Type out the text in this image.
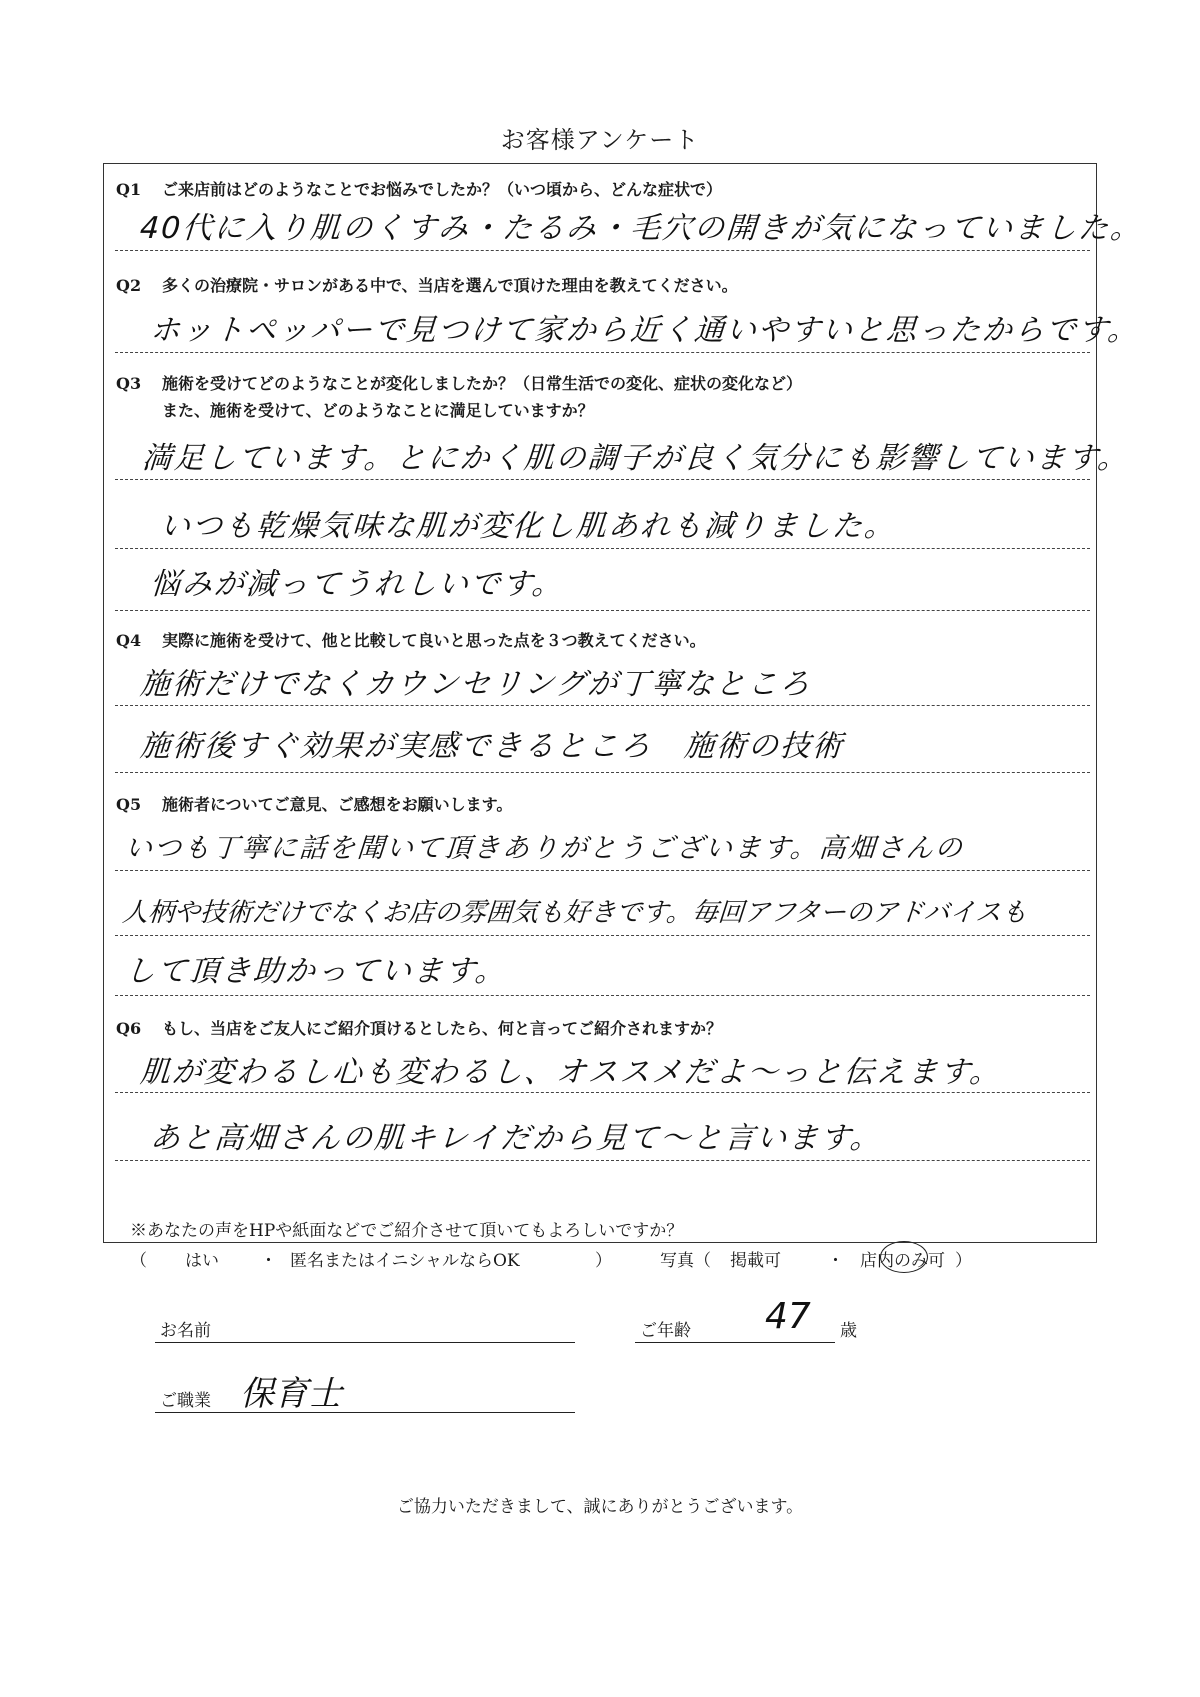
お客様アンケート
Q1 ご来店前はどのようなことでお悩みでしたか？（いつ頃から、どんな症状で）
40代に入り肌のくすみ・たるみ・毛穴の開きが気になっていました。
Q2 多くの治療院・サロンがある中で、当店を選んで頂けた理由を教えてください。
ホットペッパーで見つけて家から近く通いやすいと思ったからです。
Q3 施術を受けてどのようなことが変化しましたか？（日常生活での変化、症状の変化など）
また、施術を受けて、どのようなことに満足していますか？
満足しています。とにかく肌の調子が良く気分にも影響しています。
いつも乾燥気味な肌が変化し肌あれも減りました。
悩みが減ってうれしいです。
Q4 実際に施術を受けて、他と比較して良いと思った点を３つ教えてください。
施術だけでなくカウンセリングが丁寧なところ
施術後すぐ効果が実感できるところ　施術の技術
Q5 施術者についてご意見、ご感想をお願いします。
いつも丁寧に話を聞いて頂きありがとうございます。高畑さんの
人柄や技術だけでなくお店の雰囲気も好きです。毎回アフターのアドバイスも
して頂き助かっています。
Q6 もし、当店をご友人にご紹介頂けるとしたら、何と言ってご紹介されますか？
肌が変わるし心も変わるし、オススメだよ〜っと伝えます。
あと高畑さんの肌キレイだから見て〜と言います。
※あなたの声をHPや紙面などでご紹介させて頂いてもよろしいですか？
（ はい ・ 匿名またはイニシャルならOK	）	写真（ 掲載可	・ 店内のみ可 ）
お名前	ご年齢 47 歳
ご職業 保育士
ご協力いただきまして、誠にありがとうございます。
